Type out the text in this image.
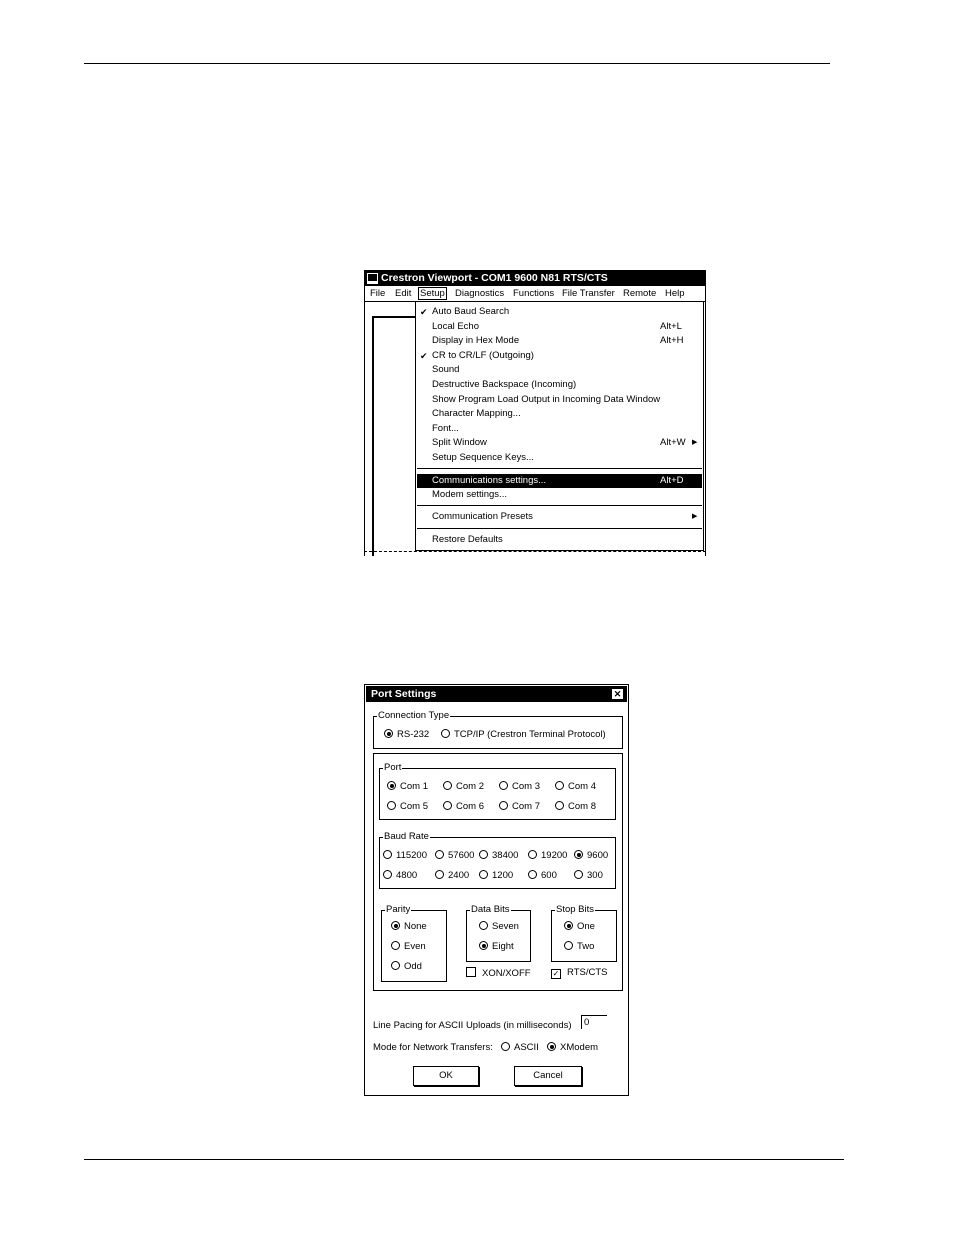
Crestron Viewport - COM1 9600 N81 RTS/CTS
File Edit Setup Diagnostics Functions File Transfer Remote Help
✔ Auto Baud Search
Local Echo	Alt+L
Display in Hex Mode	Alt+H
✔ CR to CR/LF (Outgoing)
Sound
Destructive Backspace (Incoming)
Show Program Load Output in Incoming Data Window
Character Mapping...
Font...
Split Window	Alt+W ▶
Setup Sequence Keys...
Communications settings...	Alt+D
Modem settings...
Communication Presets	▶
Restore Defaults
Port Settings	✕
Connection Type
RS-232	TCP/IP (Crestron Terminal Protocol)
Port
Com 1	Com 2	Com 3	Com 4
Com 5	Com 6	Com 7	Com 8
Baud Rate
115200	57600	38400	19200	9600
4800	2400	1200	600	300
Parity
None
Even
Odd
Data Bits
Seven
Eight
Stop Bits
One
Two
XON/XOFF	✓ RTS/CTS
Line Pacing for ASCII Uploads (in milliseconds)	0
Mode for Network Transfers:	ASCII	XModem
OK	Cancel
